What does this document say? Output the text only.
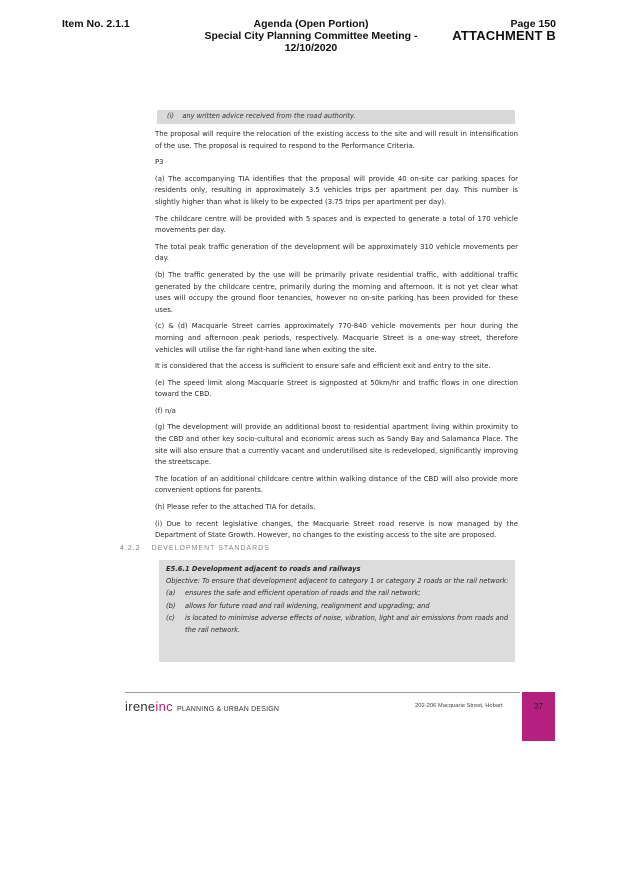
Item No. 2.1.1	Agenda (Open Portion)
Special City Planning Committee Meeting - 12/10/2020
Page 150
ATTACHMENT B
(i)    any written advice received from the road authority.

The proposal will require the relocation of the existing access to the site and will result in intensification of the use. The proposal is required to respond to the Performance Criteria.

P3

(a) The accompanying TIA identifies that the proposal will provide 40 on-site car parking spaces for residents only, resulting in approximately 3.5 vehicles trips per apartment per day. This number is slightly higher than what is likely to be expected (3.75 trips per apartment per day).

The childcare centre will be provided with 5 spaces and is expected to generate a total of 170 vehicle movements per day.

The total peak traffic generation of the development will be approximately 310 vehicle movements per day.

(b) The traffic generated by the use will be primarily private residential traffic, with additional traffic generated by the childcare centre, primarily during the morning and afternoon. It is not yet clear what uses will occupy the ground floor tenancies, however no on-site parking has been provided for these uses.

(c) & (d) Macquarie Street carries approximately 770-840 vehicle movements per hour during the morning and afternoon peak periods, respectively. Macquarie Street is a one-way street, therefore vehicles will utilise the far right-hand lane when exiting the site.

It is considered that the access is sufficient to ensure safe and efficient exit and entry to the site.

(e) The speed limit along Macquarie Street is signposted at 50km/hr and traffic flows in one direction toward the CBD.

(f) n/a

(g) The development will provide an additional boost to residential apartment living within proximity to the CBD and other key socio-cultural and economic areas such as Sandy Bay and Salamanca Place. The site will also ensure that a currently vacant and underutilised site is redeveloped, significantly improving the streetscape.

The location of an additional childcare centre within walking distance of the CBD will also provide more convenient options for parents.

(h) Please refer to the attached TIA for details.

(i) Due to recent legislative changes, the Macquarie Street road reserve is now managed by the Department of State Growth. However, no changes to the existing access to the site are proposed.

4.2.2 DEVELOPMENT STANDARDS
E5.6.1 Development adjacent to roads and railways
Objective: To ensure that development adjacent to category 1 or category 2 roads or the rail network:
(a)	ensures the safe and efficient operation of roads and the rail network;
(b)	allows for future road and rail widening, realignment and upgrading; and
(c)	is located to minimise adverse effects of noise, vibration, light and air emissions from roads and the rail network.
ireneinc PLANNING & URBAN DESIGN	202-206 Macquarie Street, Hobart	37
